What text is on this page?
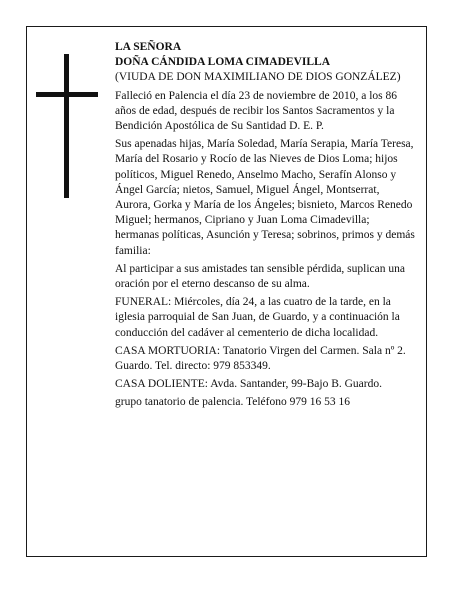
LA SEÑORA
DOÑA CÁNDIDA LOMA CIMADEVILLA

(VIUDA DE DON MAXIMILIANO DE DIOS GONZÁLEZ)

Falleció en Palencia el día 23 de noviembre de 2010, a los 86 años de edad, después de recibir los Santos Sacramentos y la Bendición Apostólica de Su Santidad D. E. P.

Sus apenadas hijas, María Soledad, María Serapia, María Teresa, María del Rosario y Rocío de las Nieves de Dios Loma; hijos políticos, Miguel Renedo, Anselmo Macho, Serafín Alonso y Ángel García; nietos, Samuel, Miguel Ángel, Montserrat, Aurora, Gorka y María de los Ángeles; bisnieto, Marcos Renedo Miguel; hermanos, Cipriano y Juan Loma Cimadevilla; hermanas políticas, Asunción y Teresa; sobrinos, primos y demás familia:

Al participar a sus amistades tan sensible pérdida, suplican una oración por el eterno descanso de su alma.

FUNERAL: Miércoles, día 24, a las cuatro de la tarde, en la iglesia parroquial de San Juan, de Guardo, y a continuación la conducción del cadáver al cementerio de dicha localidad.

CASA MORTUORIA: Tanatorio Virgen del Carmen. Sala nº 2. Guardo. Tel. directo: 979 853349.

CASA DOLIENTE: Avda. Santander, 99-Bajo B. Guardo.

grupo tanatorio de palencia. Teléfono 979 16 53 16
